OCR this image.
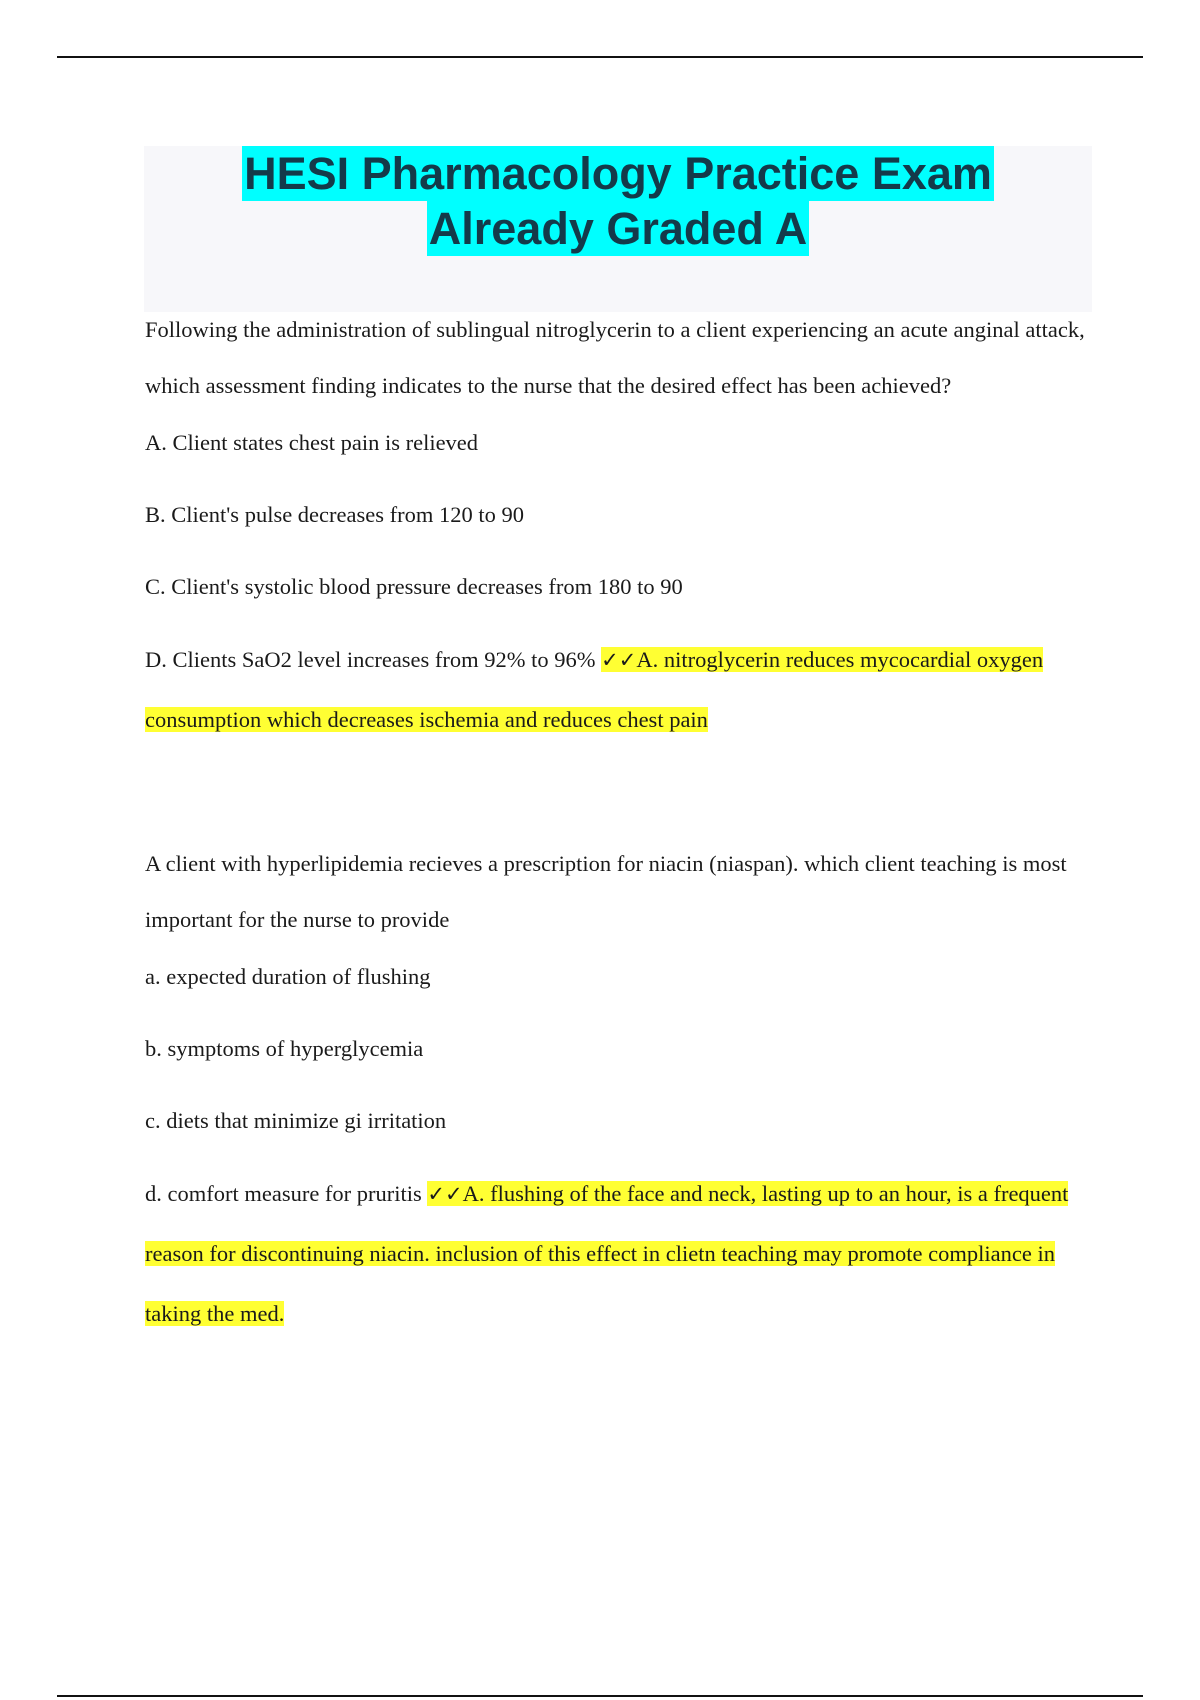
HESI Pharmacology Practice Exam
Already Graded A

Following the administration of sublingual nitroglycerin to a client experiencing an acute anginal attack, which assessment finding indicates to the nurse that the desired effect has been achieved?

A. Client states chest pain is relieved

B. Client's pulse decreases from 120 to 90

C. Client's systolic blood pressure decreases from 180 to 90

D. Clients SaO2 level increases from 92% to 96% ✓✓A. nitroglycerin reduces mycocardial oxygen consumption which decreases ischemia and reduces chest pain

A client with hyperlipidemia recieves a prescription for niacin (niaspan). which client teaching is most important for the nurse to provide

a. expected duration of flushing

b. symptoms of hyperglycemia

c. diets that minimize gi irritation

d. comfort measure for pruritis ✓✓A. flushing of the face and neck, lasting up to an hour, is a frequent reason for discontinuing niacin. inclusion of this effect in clietn teaching may promote compliance in taking the med.
